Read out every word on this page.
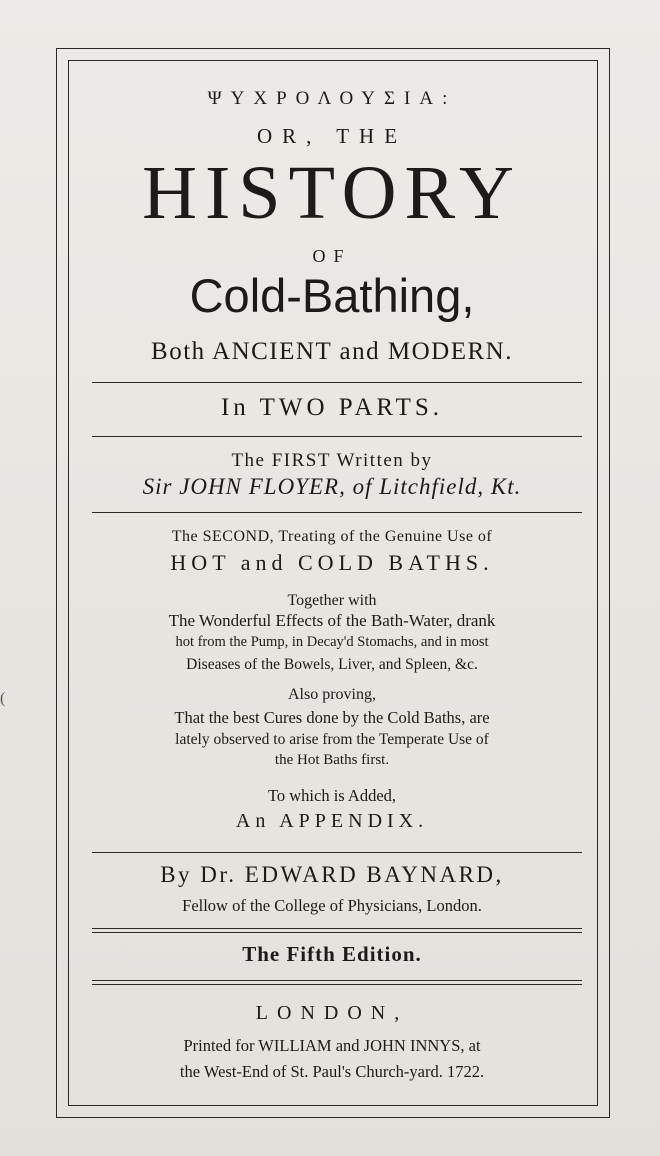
(
ΨΥΧΡΟΛΟΥΣΙΑ:
OR, THE
HISTORY
OF
Cold-Bathing,
Both ANCIENT and MODERN.
In TWO PARTS.
The FIRST Written by
Sir JOHN FLOYER, of Litchfield, Kt.
The SECOND, Treating of the Genuine Use of
HOT and COLD BATHS.
Together with
The Wonderful Effects of the Bath-Water, drank
hot from the Pump, in Decay'd Stomachs, and in most
Diseases of the Bowels, Liver, and Spleen, &c.
Also proving,
That the best Cures done by the Cold Baths, are
lately observed to arise from the Temperate Use of
the Hot Baths first.
To which is Added,
An APPENDIX.
By Dr. EDWARD BAYNARD,
Fellow of the College of Physicians, London.
The Fifth Edition.
LONDON,
Printed for WILLIAM and JOHN INNYS, at
the West-End of St. Paul's Church-yard. 1722.
